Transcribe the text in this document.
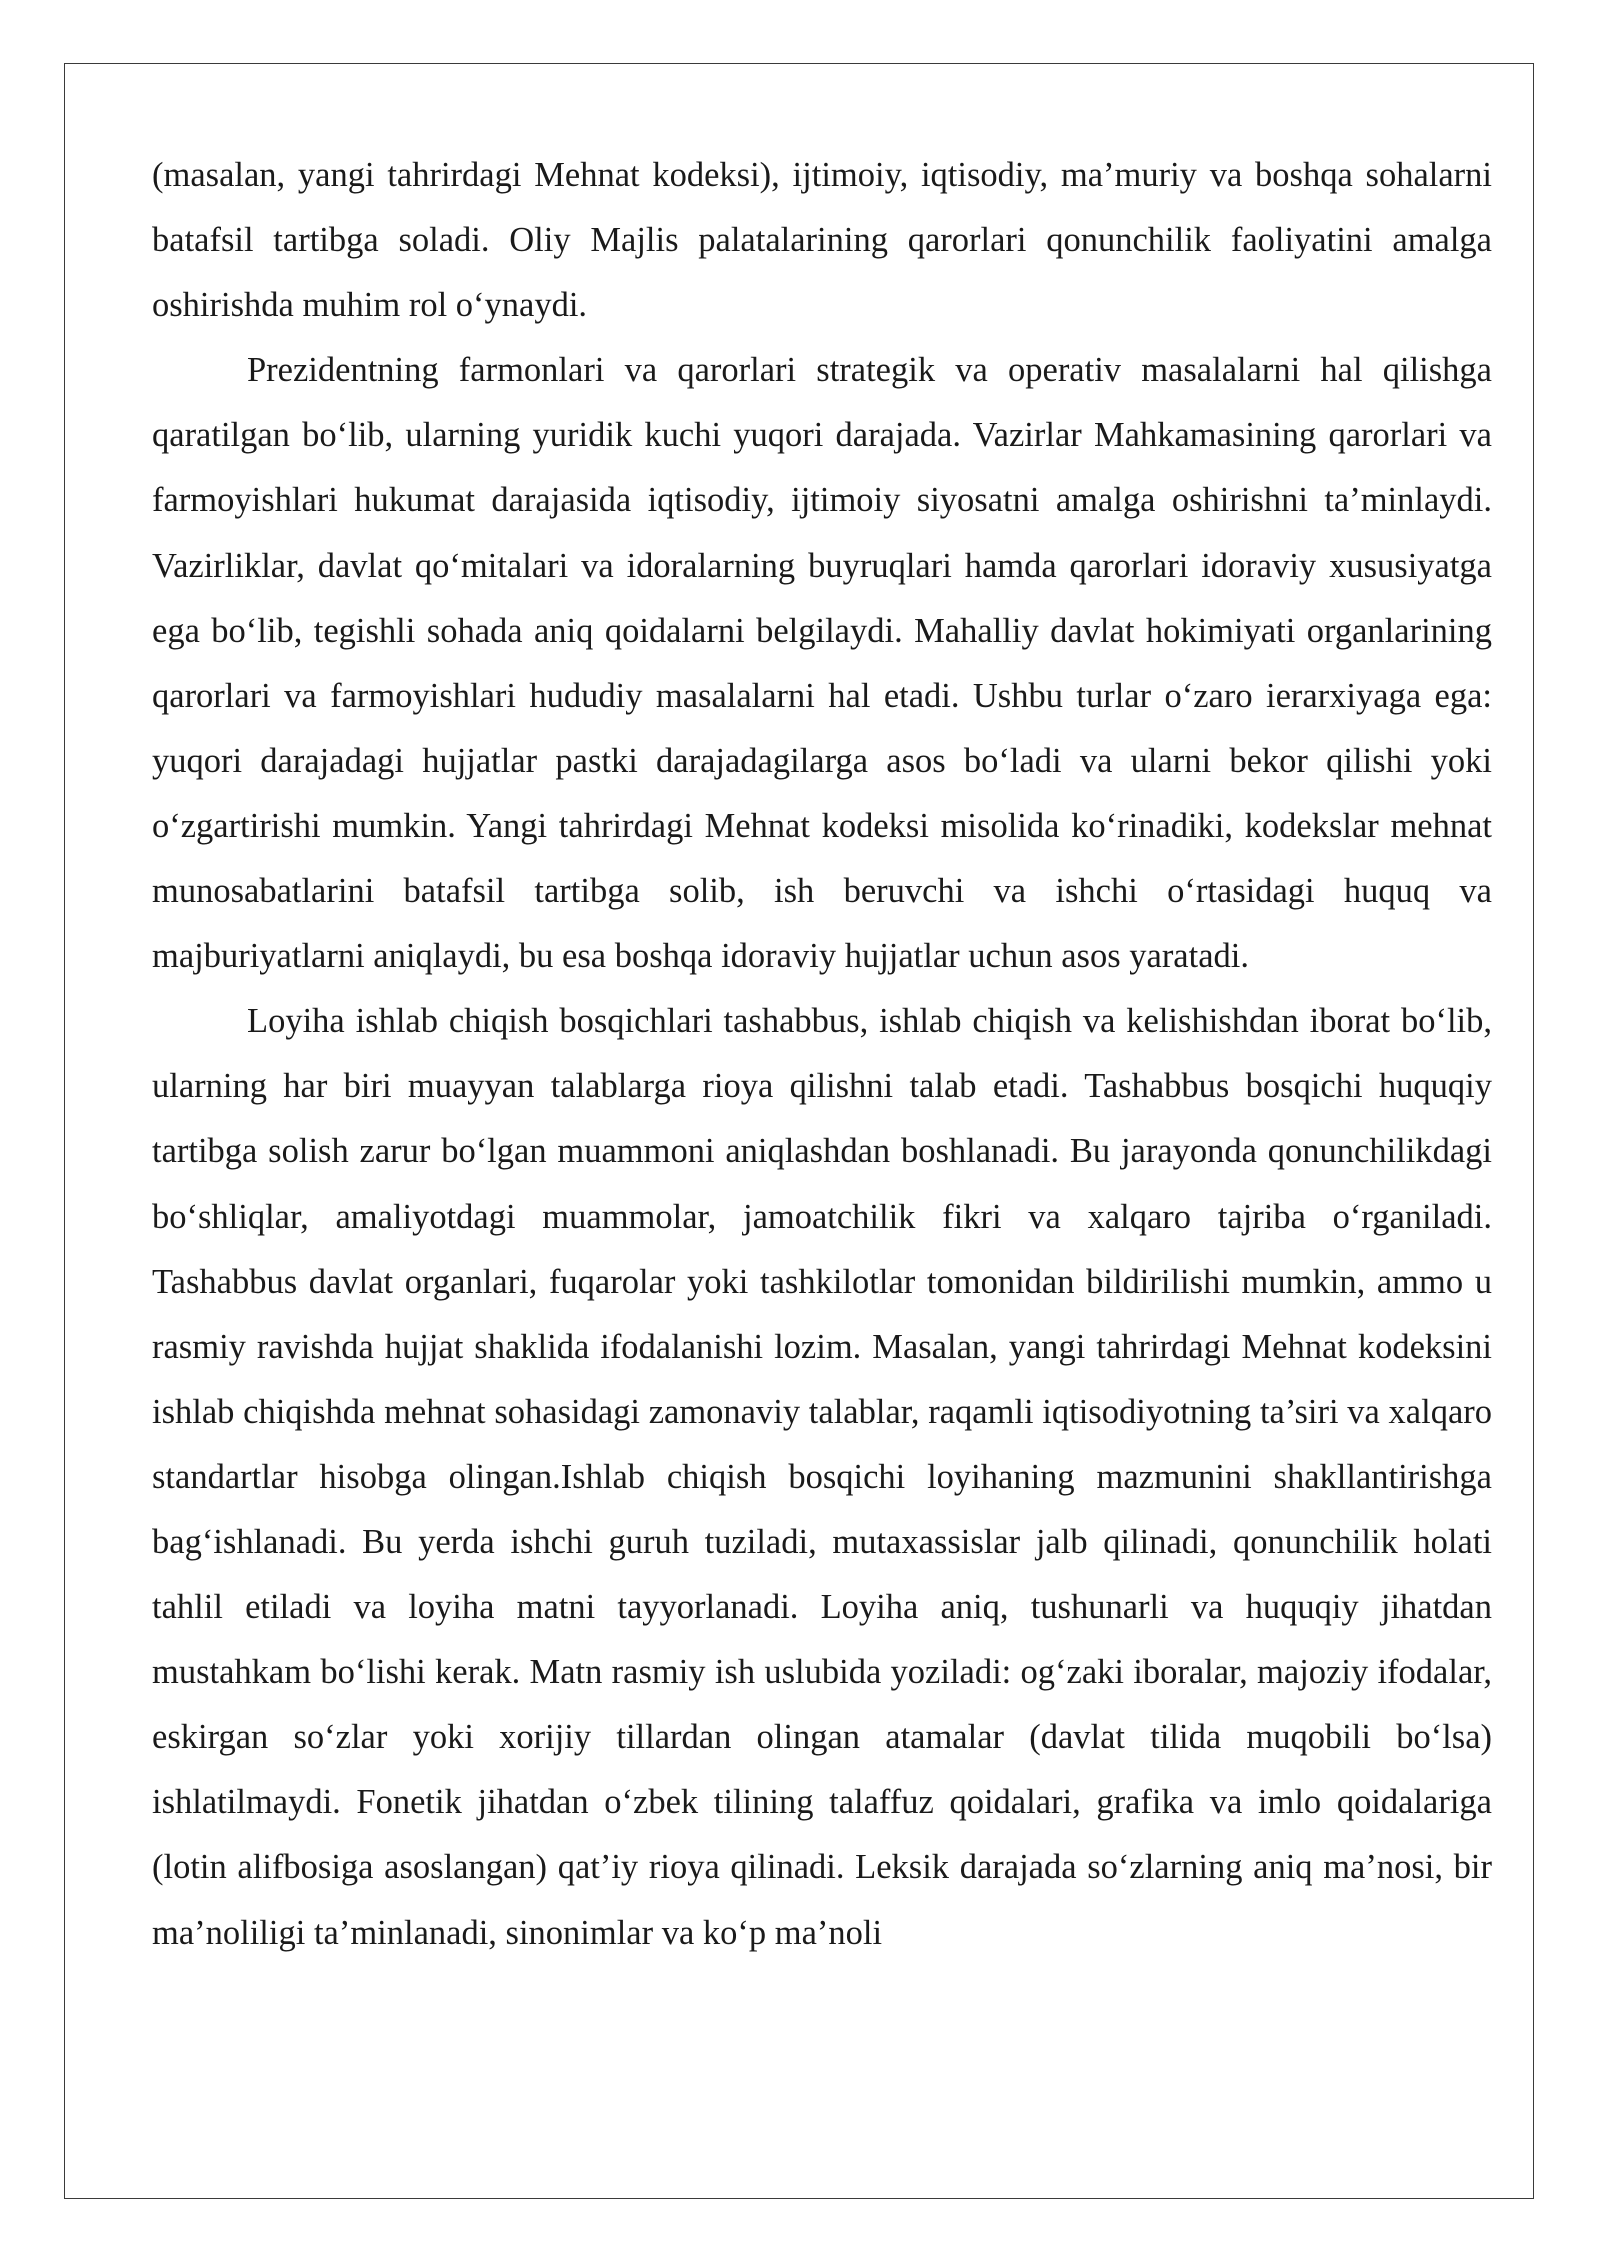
(masalan, yangi tahrirdagi Mehnat kodeksi), ijtimoiy, iqtisodiy, ma’muriy va boshqa sohalarni batafsil tartibga soladi. Oliy Majlis palatalarining qarorlari qonunchilik faoliyatini amalga oshirishda muhim rol o‘ynaydi.

Prezidentning farmonlari va qarorlari strategik va operativ masalalarni hal qilishga qaratilgan bo‘lib, ularning yuridik kuchi yuqori darajada. Vazirlar Mahkamasining qarorlari va farmoyishlari hukumat darajasida iqtisodiy, ijtimoiy siyosatni amalga oshirishni ta’minlaydi. Vazirliklar, davlat qo‘mitalari va idoralarning buyruqlari hamda qarorlari idoraviy xususiyatga ega bo‘lib, tegishli sohada aniq qoidalarni belgilaydi. Mahalliy davlat hokimiyati organlarining qarorlari va farmoyishlari hududiy masalalarni hal etadi. Ushbu turlar o‘zaro ierarxiyaga ega: yuqori darajadagi hujjatlar pastki darajadagilarga asos bo‘ladi va ularni bekor qilishi yoki o‘zgartirishi mumkin. Yangi tahrirdagi Mehnat kodeksi misolida ko‘rinadiki, kodekslar mehnat munosabatlarini batafsil tartibga solib, ish beruvchi va ishchi o‘rtasidagi huquq va majburiyatlarni aniqlaydi, bu esa boshqa idoraviy hujjatlar uchun asos yaratadi.

Loyiha ishlab chiqish bosqichlari tashabbus, ishlab chiqish va kelishishdan iborat bo‘lib, ularning har biri muayyan talablarga rioya qilishni talab etadi. Tashabbus bosqichi huquqiy tartibga solish zarur bo‘lgan muammoni aniqlashdan boshlanadi. Bu jarayonda qonunchilikdagi bo‘shliqlar, amaliyotdagi muammolar, jamoatchilik fikri va xalqaro tajriba o‘rganiladi. Tashabbus davlat organlari, fuqarolar yoki tashkilotlar tomonidan bildirilishi mumkin, ammo u rasmiy ravishda hujjat shaklida ifodalanishi lozim. Masalan, yangi tahrirdagi Mehnat kodeksini ishlab chiqishda mehnat sohasidagi zamonaviy talablar, raqamli iqtisodiyotning ta’siri va xalqaro standartlar hisobga olingan.Ishlab chiqish bosqichi loyihaning mazmunini shakllantirishga bag‘ishlanadi. Bu yerda ishchi guruh tuziladi, mutaxassislar jalb qilinadi, qonunchilik holati tahlil etiladi va loyiha matni tayyorlanadi. Loyiha aniq, tushunarli va huquqiy jihatdan mustahkam bo‘lishi kerak. Matn rasmiy ish uslubida yoziladi: og‘zaki iboralar, majoziy ifodalar, eskirgan so‘zlar yoki xorijiy tillardan olingan atamalar (davlat tilida muqobili bo‘lsa) ishlatilmaydi. Fonetik jihatdan o‘zbek tilining talaffuz qoidalari, grafika va imlo qoidalariga (lotin alifbosiga asoslangan) qat’iy rioya qilinadi. Leksik darajada so‘zlarning aniq ma’nosi, bir ma’noliligi ta’minlanadi, sinonimlar va ko‘p ma’noli
